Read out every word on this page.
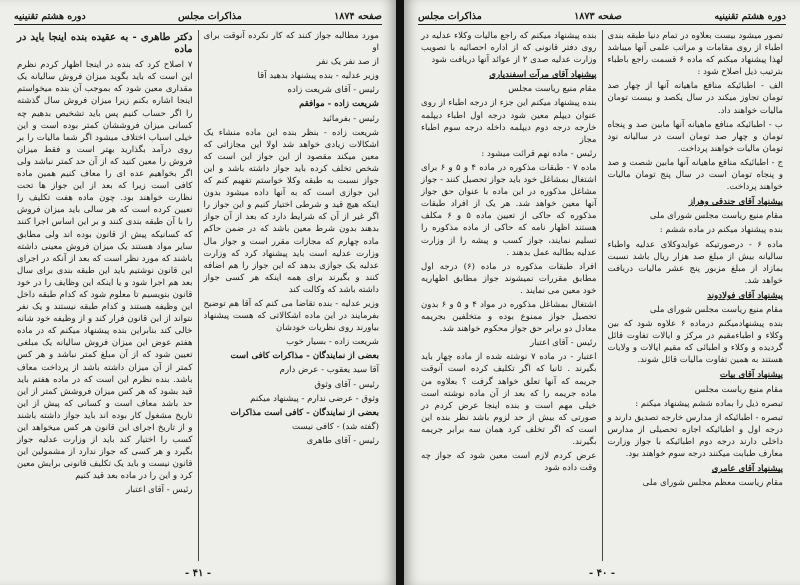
صفحه ۱۸۷۴
مذاکرات مجلس
دوره هشتم تقنینیه

مورد مطالبه جواز کنند که کار نکرده آنوقت برای او

از صد نفر یک نفر

وزیر عدلیه - بنده پیشنهاد بدهید آقا

رئیس - آقای شریعت زاده

شریعت زاده - موافقم

رئیس - بفرمائید

شریعت زاده - بنظر بنده این ماده منشاء یک اشکالات زیادی خواهد شد اولا این مجازاتی که معین میکند مقصود از این جواز این است که شخص تخلف کرده باید جواز داشته باشد و این جواز نسبت به طبقه وکلا خواستم تفهیم کنم که این جوازی است که به آنها داده میشود بدون اینکه هیچ قید و شرطی اختیار کنیم و این جواز را اگر غیر از آن که شرایط دارد که بعد از آن جواز بدهند بدون شرط معین باشد که در ضمن حاکم ماده چهارم که مجازات مقرر است و جواز مال وزارت عدلیه است باید پیشنهاد کرد که وزارت عدلیه یک جوازی بدهد که این جواز را هم اضافه کنند و بگیرند برای همه اینکه هر کسی جواز داشته باشد که وکالت کند

وزیر عدلیه - بنده تقاضا می کنم که آقا هم توضیح بفرمایند در این ماده اشکالاتی که هست پیشنهاد بیاورند روی نظریات خودشان

شریعت زاده - بسیار خوب

بعضی از نمایندگان - مذاکرات کافی است

آقا سید یعقوب - عرض دارم

رئیس - آقای وثوق

وثوق - عرضی ندارم - پیشنهاد میکنم

بعضی از نمایندگان - کافی است مذاکرات

(گفته شد) - کافی نیست

رئیس - آقای طاهری

دکتر طاهری - به عقیده بنده اینجا باید در ماده

۷ اصلاح کرد که بنده در اینجا اظهار کردم نظرم این است که باید بگوید میزان فروش سالیانه یک مقداری معین شود که بموجب آن بنده میخواستم اینجا اشاره بکنم زیرا میزان فروش سال گذشته را اگر حساب کنیم پس باید تشخیص بدهیم چه کسانی میزان فروششان کمتر بوده است و این خیلی اسباب اختلاف میشود اگر شما مالیات را بر روی درآمد بگذارید بهتر است و فقط میزان فروش را معین کنید که از آن حد کمتر نباشد ولی اگر بخواهیم عده ای را معاف کنیم همین ماده کافی است زیرا که بعد از این جواز ها تحت نظارت خواهند بود. چون ماده هفت تکلیف را تعیین کرده است که هر سالی باید میزان فروش را با آن طبقه بندی کنند و بر این اساس اجرا کنند که کسانیکه پیش از قانون بوده اند ولی مطابق سایر مواد هستند یک میزان فروش معینی داشته باشند که مورد نظر است که بعد از آنکه در اجرای این قانون نوشتیم باید این طبقه بندی برای سال بعد هم اجرا شود و یا اینکه این وظایف را در خود قانون بنویسیم تا معلوم شود که کدام طبقه داخل این وظیفه هستند و کدام طبقه نیستند و یک نفر نتواند از این قانون فرار کند و از وظیفه خود شانه خالی کند بنابراین بنده پیشنهاد میکنم که در ماده هفتم عوض این میزان فروش سالیانه یک مبلغی تعیین شود که از آن مبلغ کمتر نباشد و هر کس کمتر از آن میزان داشته باشد از پرداخت معاف باشد. بنده نظرم این است که در ماده هفتم باید قید بشود که هر کس میزان فروشش کمتر از این حد باشد معاف است و کسانی که پیش از این تاریخ مشغول کار بوده اند باید جواز داشته باشند و از تاریخ اجرای این قانون هر کس میخواهد این کسب را اختیار کند باید از وزارت عدلیه جواز بگیرد و هر کسی که جواز ندارد از مشمولین این قانون نیست و باید یک تکلیف قانونی برایش معین کرد و این را در ماده بعد قید کنیم

رئیس - آقای اعتبار

- ۴۱ -
دوره هشتم تقنینیه
صفحه ۱۸۷۳
مذاکرات مجلس

تصور میشود بیست بعلاوه در تمام دنیا طبقه بندی اطباء از روی مقامات و مراتب علمی آنها میباشد لهذا پیشنهاد میکنم که ماده ۶ قسمت راجع باطباء بترتیب ذیل اصلاح شود :

الف - اطبائیکه منافع ماهیانه آنها از چهار صد تومان تجاوز میکند در سال یکصد و بیست تومان مالیات خواهند داد.

ب - اطبائیکه منافع ماهیانه آنها مابین صد و پنجاه تومان و چهار صد تومان است در سالیانه نود تومان مالیات خواهند پرداخت.

ج - اطبائیکه منافع ماهیانه آنها مابین شصت و صد و پنجاه تومان است در سال پنج تومان مالیات خواهند پرداخت.

پیشنهاد آقای جندقی وهراز

مقام منیع ریاست مجلس شورای ملی

بنده پیشنهاد میکنم در ماده ششم :

ماده ۶ - درصورتیکه عوایدوکلای عدلیه واطباء سالیانه بیش از مبلغ صد هزار ریال باشد نسبت بمازاد از مبلغ مزبور پنج عشر مالیات دریافت خواهد شد.

پیشنهاد آقای فولادوند

مقام منیع ریاست مجلس شورای ملی

بنده پیشنهادمیکنم درماده ۶ علاوه شود که بین وکلاء و اطباءمقیم در مرکز و ایالات تفاوت قائل گردیده و وکلاء و اطبائی که مقیم ایالات و ولایات هستند به همین تفاوت مالیات قائل شوند.

پیشنهاد آقای بیات

مقام منیع ریاست مجلس

تبصره ذیل را بماده ششم پیشنهاد میکنم :

تبصره - اطبائیکه از مدارس خارجه تصدیق دارند و درجه اول و اطبائیکه اجازه تحصیلی از مدارس داخلی دارند درجه دوم اطبائیکه با جواز وزارت معارف طبابت میکنند درجه سوم خواهند بود.

پیشنهاد آقای عامری

مقام ریاست معظم مجلس شورای ملی

بنده پیشنهاد میکنم که راجع مالیات وکلاء عدلیه در روی دفتر قانونی که از اداره احصائیه با تصویب وزارت عدلیه صدی ۲ از عوائد آنها دریافت شود

پیشنهاد آقای مرآت اسفندیاری

مقام منیع ریاست مجلس

بنده پیشنهاد میکنم این جزء از درجه اطباء از روی عنوان دیپلم معین شود درجه اول اطباء دیپلمه خارجه درجه دوم دیپلمه داخله درجه سوم اطباء مجاز

رئیس - ماده نهم قرائت میشود :

ماده ۷ - طبقات مذکوره در ماده ۴ و ۵ و ۶ برای اشتغال بمشاغل خود باید جواز تحصیل کنند - جواز مشاغل مذکوره در این ماده با عنوان حق جواز آنها معین خواهد شد. هر یک از افراد طبقات مذکوره که حاکی از تعیین ماده ۵ و ۶ مکلف هستند اظهار نامه که حاکی از ماده مذکوره را تسلیم نمایند، جواز کسب و پیشه را از وزارت عدلیه بطالبه عمل بدهند .

افراد طبقات مذکوره در ماده (۶) درجه اول مطابق مقررات نمیشوند جواز مطابق اظهاریه خود معین می نمایند .

اشتغال بمشاغل مذکوره در مواد ۴ و ۵ و ۶ بدون تحصیل جواز ممنوع بوده و متخلفین بجریمه معادل دو برابر حق جواز محکوم خواهند شد.

رئیس - آقای اعتبار

اعتبار - در ماده ۷ نوشته شده از ماده چهار باید بگیرند . ثانیا که اگر تکلیف کرده است آنوقت جریمه که آنها تعلق خواهد گرفت ؟ بعلاوه من ماده جریمه را که بعد از آن ماده نوشته است خیلی مهم است و بنده اینجا عرض کردم در صورتی که بیش از حد لزوم باشد نظر بنده این است که اگر تخلف کرد همان سه برابر جریمه بگیرند.

عرض کردم لازم است معین شود که جواز چه وقت داده شود

- ۴۰ -
